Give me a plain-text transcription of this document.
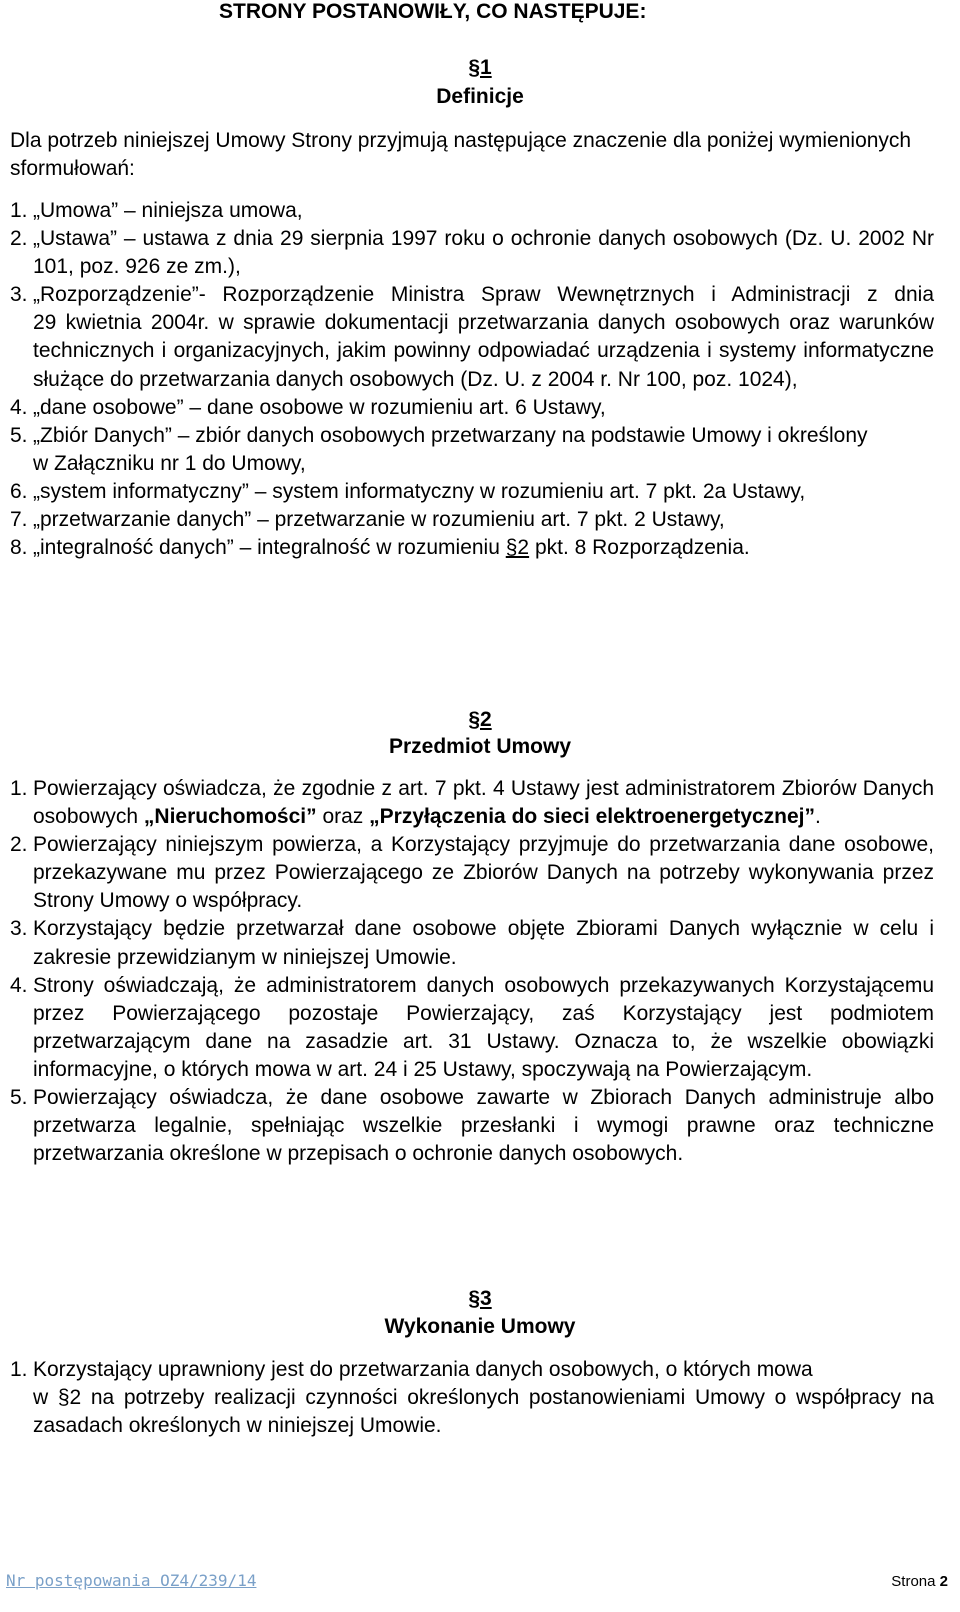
STRONY POSTANOWIŁY, CO NASTĘPUJE:

§1

Definicje

Dla potrzeb niniejszej Umowy Strony przyjmują następujące znaczenie dla poniżej wymienionych sformułowań:

1. „Umowa” – niniejsza umowa,
2. „Ustawa” – ustawa z dnia 29 sierpnia 1997 roku o ochronie danych osobowych (Dz. U. 2002 Nr 101, poz. 926 ze zm.),
3. „Rozporządzenie”- Rozporządzenie Ministra Spraw Wewnętrznych i Administracji z dnia
29 kwietnia 2004r. w sprawie dokumentacji przetwarzania danych osobowych oraz warunków technicznych i organizacyjnych, jakim powinny odpowiadać urządzenia i systemy informatyczne służące do przetwarzania danych osobowych (Dz. U. z 2004 r. Nr 100, poz. 1024),
4. „dane osobowe” – dane osobowe w rozumieniu art. 6 Ustawy,
5. „Zbiór Danych” – zbiór danych osobowych przetwarzany na podstawie Umowy i określony
w Załączniku nr 1 do Umowy,
6. „system informatyczny” – system informatyczny w rozumieniu art. 7 pkt. 2a Ustawy,
7. „przetwarzanie danych” – przetwarzanie w rozumieniu art. 7 pkt. 2 Ustawy,
8. „integralność danych” – integralność w rozumieniu §2 pkt. 8 Rozporządzenia.

§2

Przedmiot Umowy

1. Powierzający oświadcza, że zgodnie z art. 7 pkt. 4 Ustawy jest administratorem Zbiorów Danych osobowych „Nieruchomości” oraz „Przyłączenia do sieci elektroenergetycznej”.
2. Powierzający niniejszym powierza, a Korzystający przyjmuje do przetwarzania dane osobowe, przekazywane mu przez Powierzającego ze Zbiorów Danych na potrzeby wykonywania przez Strony Umowy o współpracy.
3. Korzystający będzie przetwarzał dane osobowe objęte Zbiorami Danych wyłącznie w celu i zakresie przewidzianym w niniejszej Umowie.
4. Strony oświadczają, że administratorem danych osobowych przekazywanych Korzystającemu przez Powierzającego pozostaje Powierzający, zaś Korzystający jest podmiotem przetwarzającym dane na zasadzie art. 31 Ustawy. Oznacza to, że wszelkie obowiązki informacyjne, o których mowa w art. 24 i 25 Ustawy, spoczywają na Powierzającym.
5. Powierzający oświadcza, że dane osobowe zawarte w Zbiorach Danych administruje albo przetwarza legalnie, spełniając wszelkie przesłanki i wymogi prawne oraz techniczne przetwarzania określone w przepisach o ochronie danych osobowych.

§3

Wykonanie Umowy

1. Korzystający uprawniony jest do przetwarzania danych osobowych, o których mowa
w §2 na potrzeby realizacji czynności określonych postanowieniami Umowy o współpracy na zasadach określonych w niniejszej Umowie.
Nr postępowania OZ4/239/14	Strona 2
